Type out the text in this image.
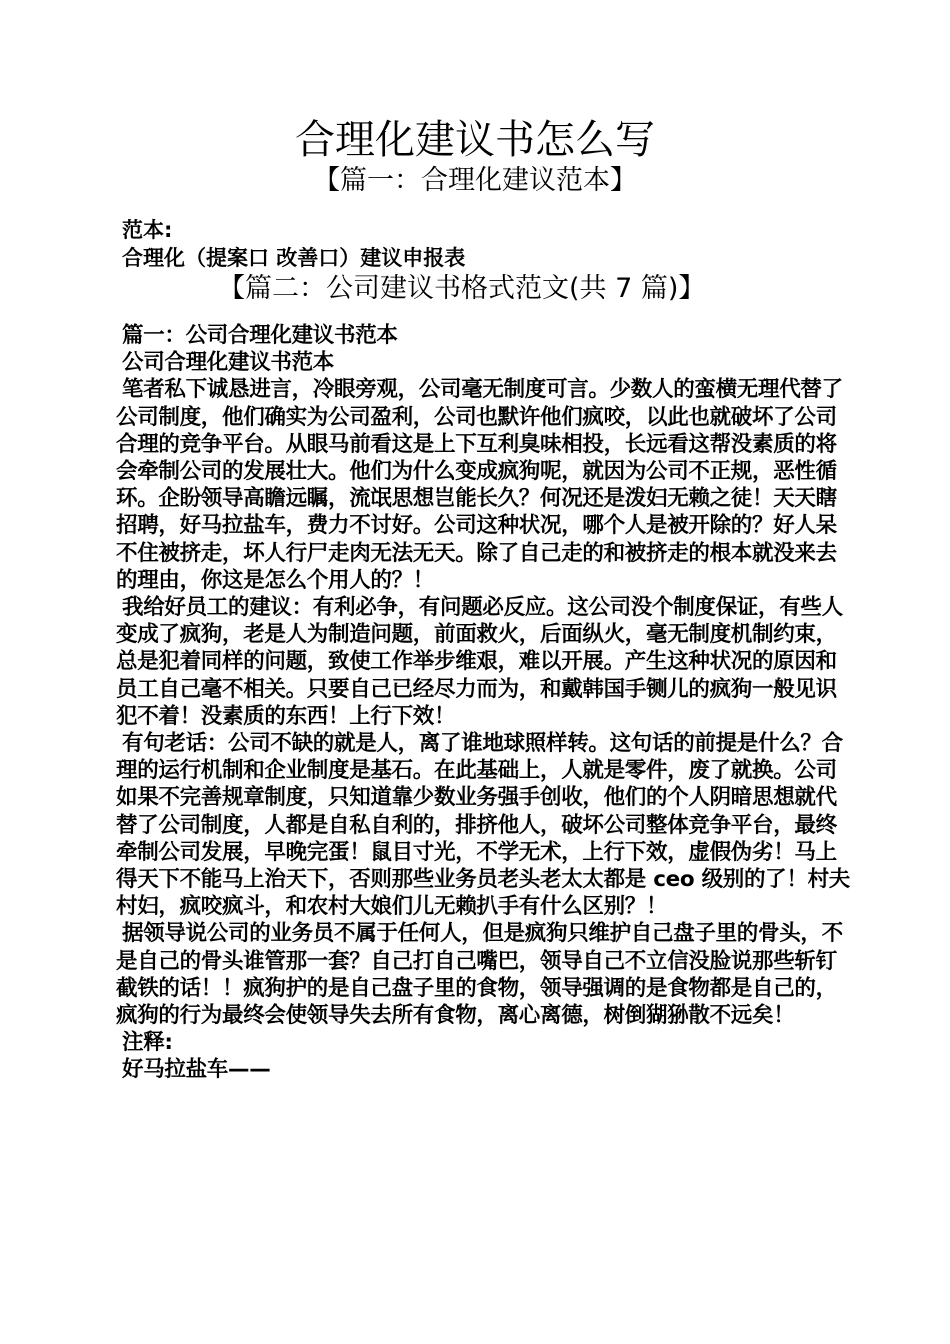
合理化建议书怎么写
【篇一：合理化建议范本】
范本:
合理化（提案口 改善口）建议申报表
【篇二：公司建议书格式范文(共 7 篇)】

篇一：公司合理化建议书范本

公司合理化建议书范本

笔者私下诚恳进言，冷眼旁观，公司毫无制度可言。少数人的蛮横无理代替了公司制度，他们确实为公司盈利，公司也默许他们疯咬，以此也就破坏了公司合理的竞争平台。从眼马前看这是上下互利臭味相投，长远看这帮没素质的将会牵制公司的发展壮大。他们为什么变成疯狗呢，就因为公司不正规，恶性循环。企盼领导高瞻远瞩，流氓思想岂能长久？何况还是泼妇无赖之徒！天天瞎招聘，好马拉盐车，费力不讨好。公司这种状况，哪个人是被开除的？好人呆不住被挤走，坏人行尸走肉无法无天。除了自己走的和被挤走的根本就没来去的理由，你这是怎么个用人的？！

我给好员工的建议：有利必争，有问题必反应。这公司没个制度保证，有些人变成了疯狗，老是人为制造问题，前面救火，后面纵火，毫无制度机制约束，总是犯着同样的问题，致使工作举步维艰，难以开展。产生这种状况的原因和员工自己毫不相关。只要自己已经尽力而为，和戴韩国手铡儿的疯狗一般见识犯不着！没素质的东西！上行下效！

有句老话：公司不缺的就是人，离了谁地球照样转。这句话的前提是什么？合理的运行机制和企业制度是基石。在此基础上，人就是零件，废了就换。公司如果不完善规章制度，只知道靠少数业务强手创收，他们的个人阴暗思想就代替了公司制度，人都是自私自利的，排挤他人，破坏公司整体竞争平台，最终牵制公司发展，早晚完蛋！鼠目寸光，不学无术，上行下效，虚假伪劣！马上得天下不能马上治天下，否则那些业务员老头老太太都是 ceo 级别的了！村夫村妇，疯咬疯斗，和农村大娘们儿无赖扒手有什么区别？！

据领导说公司的业务员不属于任何人，但是疯狗只维护自己盘子里的骨头，不是自己的骨头谁管那一套？自己打自己嘴巴，领导自己不立信没脸说那些斩钉截铁的话！！疯狗护的是自己盘子里的食物，领导强调的是食物都是自己的，疯狗的行为最终会使领导失去所有食物，离心离德，树倒猢狲散不远矣！

注释:

好马拉盐车——
